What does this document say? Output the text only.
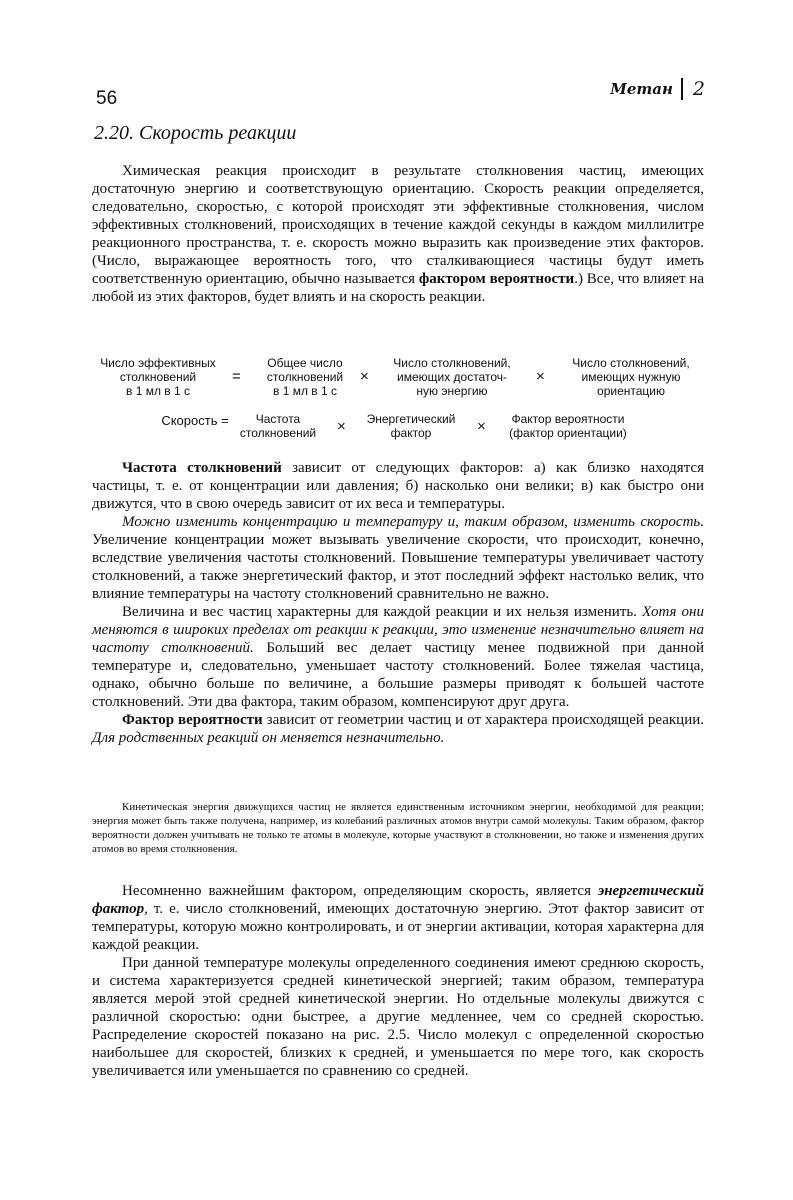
56	Метан 2
2.20. Скорость реакции

Химическая реакция происходит в результате столкновения частиц, имеющих достаточную энергию и соответствующую ориентацию. Скорость реакции определяется, следовательно, скоростью, с которой происходят эти эффективные столкновения, числом эффективных столкновений, происходящих в течение каждой секунды в каждом миллилитре реакционного пространства, т. е. скорость можно выразить как произведение этих факторов. (Число, выражающее вероятность того, что сталкивающиеся частицы будут иметь соответственную ориентацию, обычно называется фактором вероятности.) Все, что влияет на любой из этих факторов, будет влиять и на скорость реакции.

Число эффективных
столкновений
в 1 мл в 1 с
=
Общее число
столкновений
в 1 мл в 1 с
×
Число столкновений,
имеющих достаточ-
ную энергию
×
Число столкновений,
имеющих нужную
ориентацию
Скорость =	Частота
столкновений	×	Энергетический
фактор	×	Фактор вероятности
(фактор ориентации)

Частота столкновений зависит от следующих факторов: а) как близко находятся частицы, т. е. от концентрации или давления; б) насколько они велики; в) как быстро они движутся, что в свою очередь зависит от их веса и температуры.

Можно изменить концентрацию и температуру и, таким образом, изменить скорость. Увеличение концентрации может вызывать увеличение скорости, что происходит, конечно, вследствие увеличения частоты столкновений. Повышение температуры увеличивает частоту столкновений, а также энергетический фактор, и этот последний эффект настолько велик, что влияние температуры на частоту столкновений сравнительно не важно.

Величина и вес частиц характерны для каждой реакции и их нельзя изменить. Хотя они меняются в широких пределах от реакции к реакции, это изменение незначительно влияет на частоту столкновений. Больший вес делает частицу менее подвижной при данной температуре и, следовательно, уменьшает частоту столкновений. Более тяжелая частица, однако, обычно больше по величине, а большие размеры приводят к большей частоте столкновений. Эти два фактора, таким образом, компенсируют друг друга.

Фактор вероятности зависит от геометрии частиц и от характера происходящей реакции. Для родственных реакций он меняется незначительно.

Кинетическая энергия движущихся частиц не является единственным источником энергии, необходимой для реакции; энергия может быть также получена, например, из колебаний различных атомов внутри самой молекулы. Таким образом, фактор вероятности должен учитывать не только те атомы в молекуле, которые участвуют в столкновении, но также и изменения других атомов во время столкновения.

Несомненно важнейшим фактором, определяющим скорость, является энергетический фактор, т. е. число столкновений, имеющих достаточную энергию. Этот фактор зависит от температуры, которую можно контролировать, и от энергии активации, которая характерна для каждой реакции.

При данной температуре молекулы определенного соединения имеют среднюю скорость, и система характеризуется средней кинетической энергией; таким образом, температура является мерой этой средней кинетической энергии. Но отдельные молекулы движутся с различной скоростью: одни быстрее, а другие медленнее, чем со средней скоростью. Распределение скоростей показано на рис. 2.5. Число молекул с определенной скоростью наибольшее для скоростей, близких к средней, и уменьшается по мере того, как скорость увеличивается или уменьшается по сравнению со средней.
